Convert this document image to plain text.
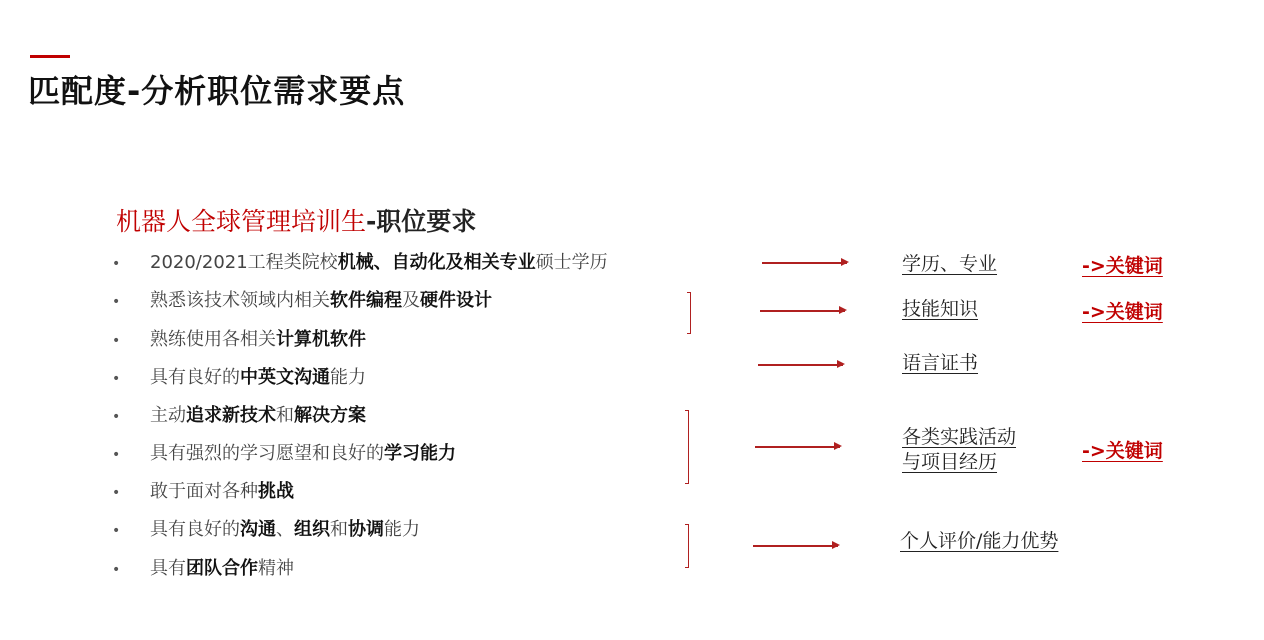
匹配度-分析职位需求要点
机器人全球管理培训生-职位要求
• 2020/2021工程类院校机械、自动化及相关专业硕士学历
• 熟悉该技术领域内相关软件编程及硬件设计
• 熟练使用各相关计算机软件
• 具有良好的中英文沟通能力
• 主动追求新技术和解决方案
• 具有强烈的学习愿望和良好的学习能力
• 敢于面对各种挑战
• 具有良好的沟通、组织和协调能力
• 具有团队合作精神
学历、专业
技能知识
语言证书
各类实践活动
与项目经历
个人评价/能力优势
->关键词
->关键词
->关键词
